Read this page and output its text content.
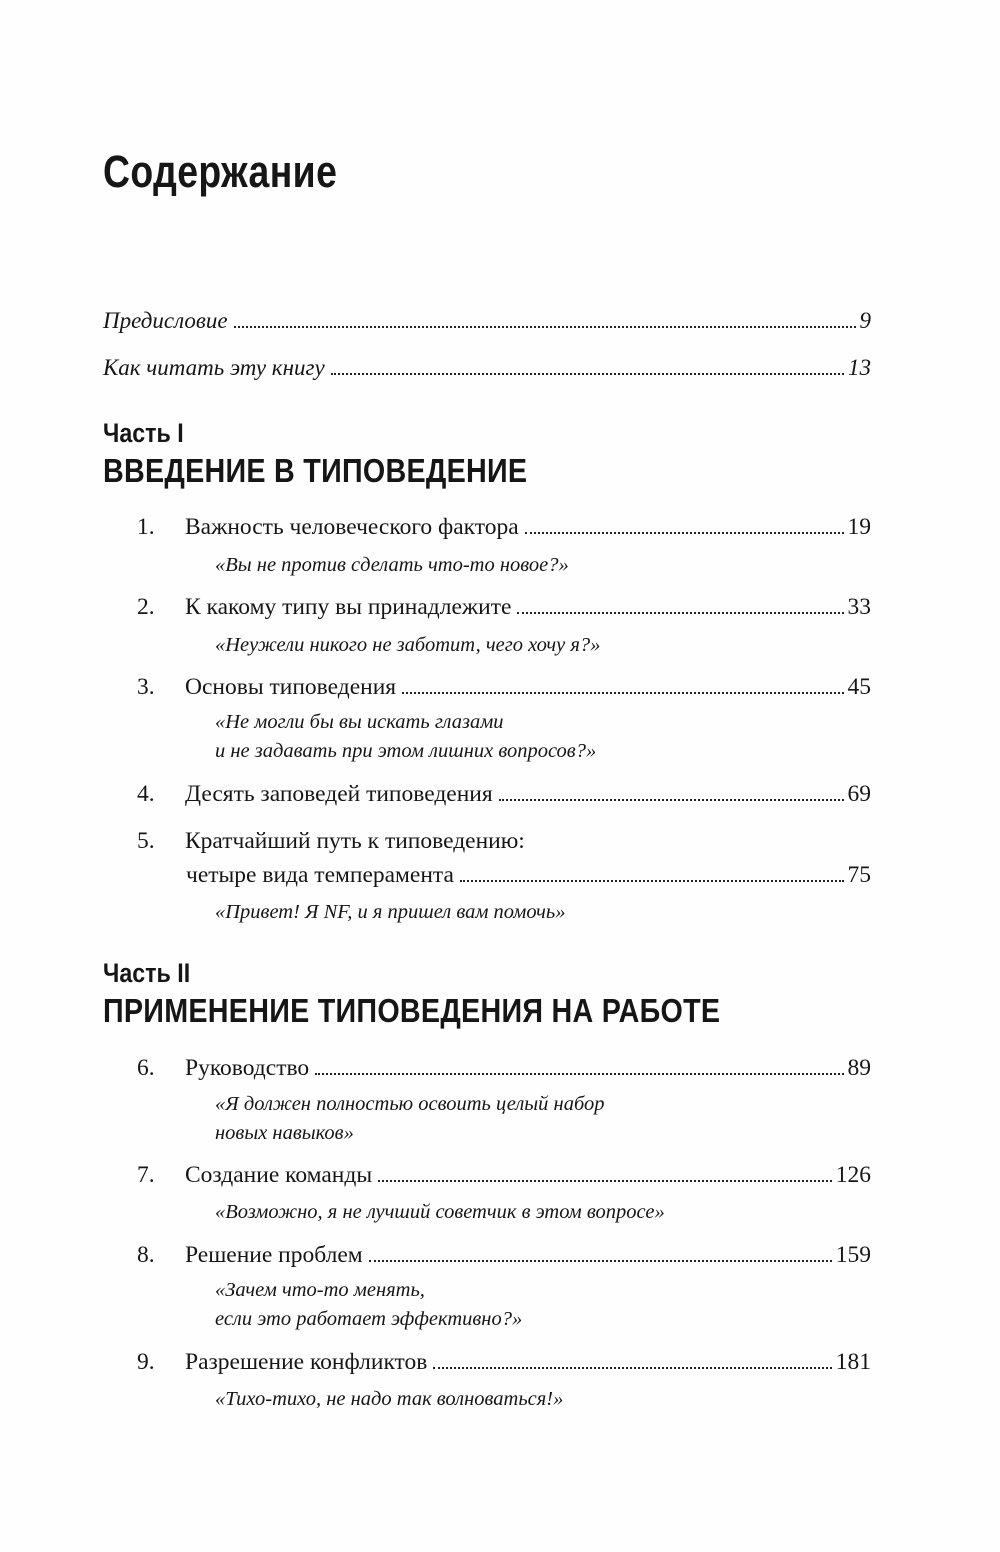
Содержание
Предисловие	9
Как читать эту книгу	13
Часть I
ВВЕДЕНИЕ В ТИПОВЕДЕНИЕ
1.	Важность человеческого фактора	19
«Вы не против сделать что-то новое?»
2.	К какому типу вы принадлежите	33
«Неужели никого не заботит, чего хочу я?»
3.	Основы типоведения	45
«Не могли бы вы искать глазами
и не задавать при этом лишних вопросов?»
4.	Десять заповедей типоведения	69
5.	Кратчайший путь к типоведению:
четыре вида темперамента	75
«Привет! Я NF, и я пришел вам помочь»
Часть II
ПРИМЕНЕНИЕ ТИПОВЕДЕНИЯ НА РАБОТЕ
6.	Руководство	89
«Я должен полностью освоить целый набор
новых навыков»
7.	Создание команды	126
«Возможно, я не лучший советчик в этом вопросе»
8.	Решение проблем	159
«Зачем что-то менять,
если это работает эффективно?»
9.	Разрешение конфликтов	181
«Тихо-тихо, не надо так волноваться!»
